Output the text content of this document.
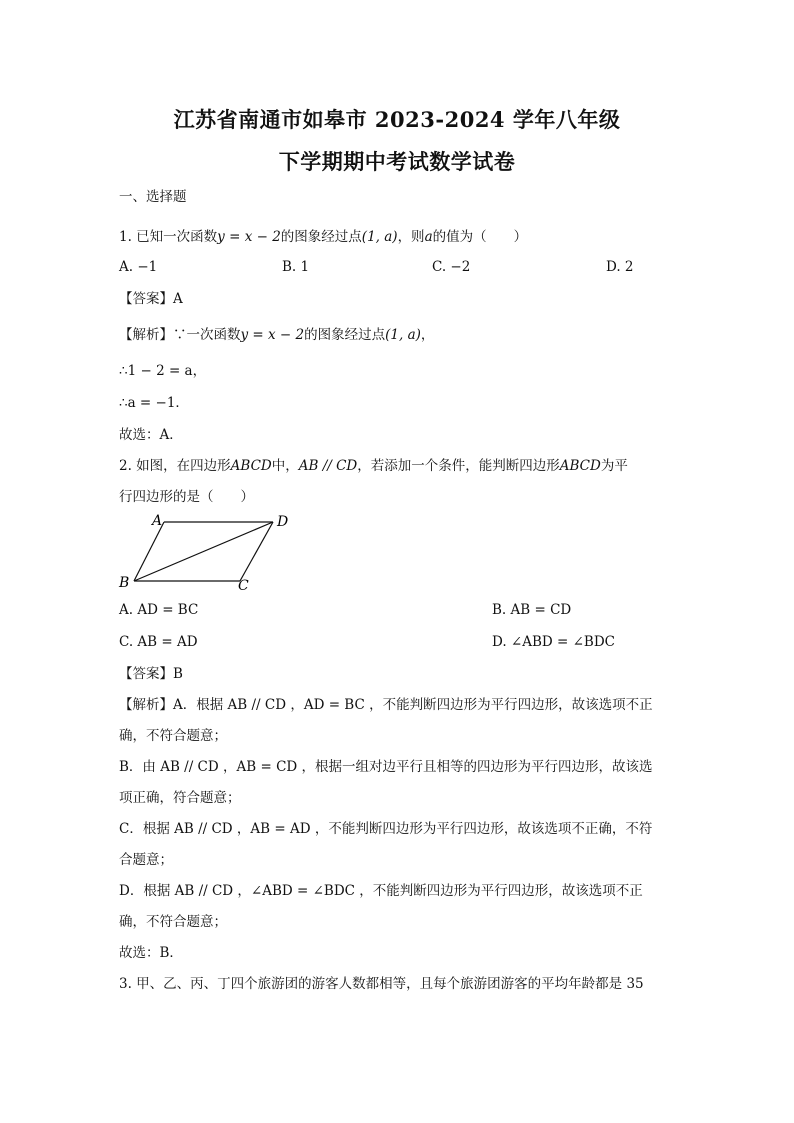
江苏省南通市如皋市 2023-2024 学年八年级
下学期期中考试数学试卷
一、选择题
1. 已知一次函数y = x − 2的图象经过点(1, a)，则a的值为（　　）
A. −1	B. 1	C. −2	D. 2
【答案】A
【解析】∵一次函数y = x − 2的图象经过点(1, a)，
∴1 − 2 = a，
∴a = −1．
故选：A．
2. 如图，在四边形ABCD中，AB // CD，若添加一个条件，能判断四边形ABCD为平
行四边形的是（　　）
A	D
B	C
A. AD = BC	B. AB = CD
C. AB = AD	D. ∠ABD = ∠BDC
【答案】B
【解析】A．根据 AB // CD ，AD = BC ，不能判断四边形为平行四边形，故该选项不正
确，不符合题意；
B．由 AB // CD ，AB = CD ，根据一组对边平行且相等的四边形为平行四边形，故该选
项正确，符合题意；
C．根据 AB // CD ，AB = AD ，不能判断四边形为平行四边形，故该选项不正确，不符
合题意；
D．根据 AB // CD ，∠ABD = ∠BDC ，不能判断四边形为平行四边形，故该选项不正
确，不符合题意；
故选：B．
3. 甲、乙、丙、丁四个旅游团的游客人数都相等，且每个旅游团游客的平均年龄都是 35
